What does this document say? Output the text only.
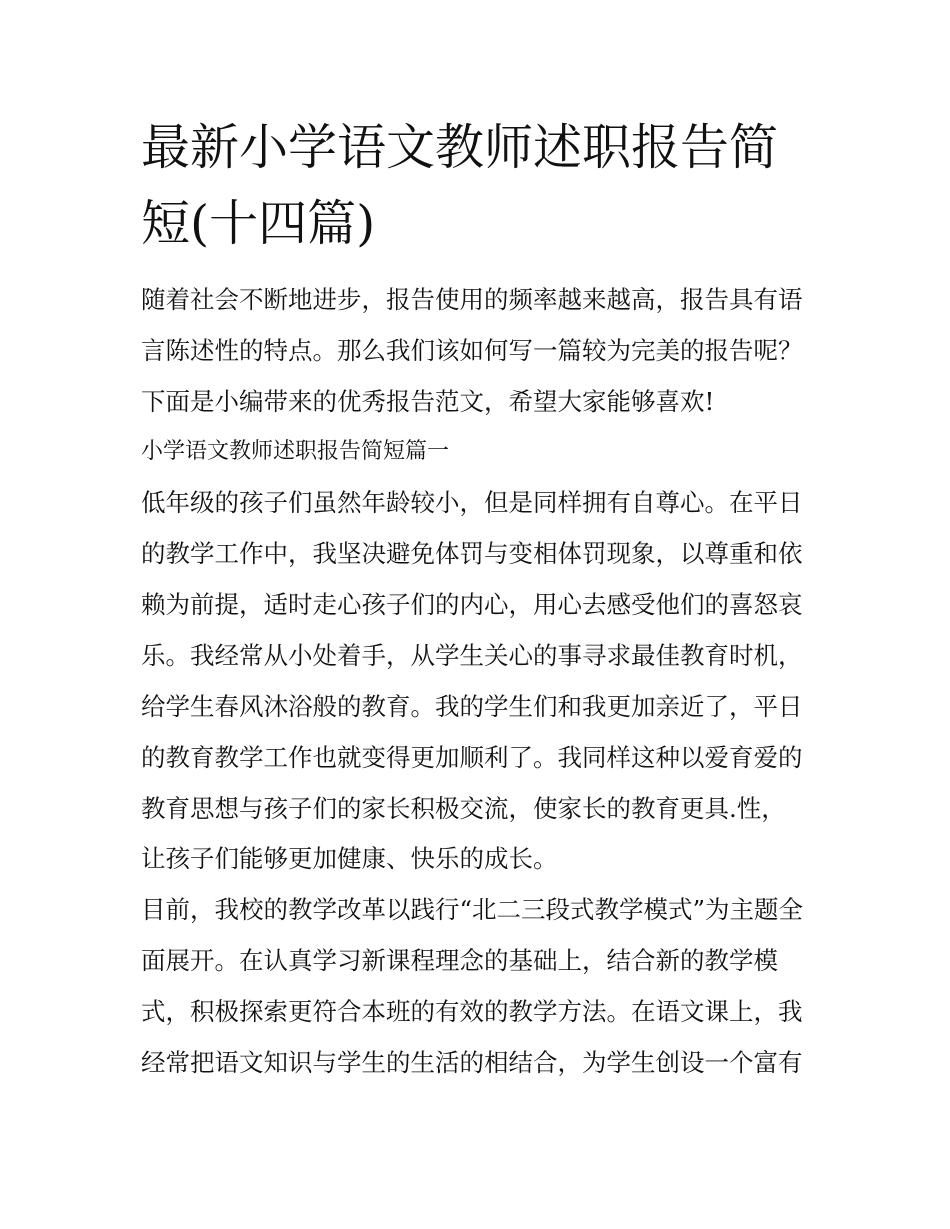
最新小学语文教师述职报告简
短(十四篇)
随着社会不断地进步，报告使用的频率越来越高，报告具有语
言陈述性的特点。那么我们该如何写一篇较为完美的报告呢？
下面是小编带来的优秀报告范文，希望大家能够喜欢!
小学语文教师述职报告简短篇一
低年级的孩子们虽然年龄较小，但是同样拥有自尊心。在平日
的教学工作中，我坚决避免体罚与变相体罚现象，以尊重和依
赖为前提，适时走心孩子们的内心，用心去感受他们的喜怒哀
乐。我经常从小处着手，从学生关心的事寻求最佳教育时机，
给学生春风沐浴般的教育。我的学生们和我更加亲近了，平日
的教育教学工作也就变得更加顺利了。我同样这种以爱育爱的
教育思想与孩子们的家长积极交流，使家长的教育更具.性，
让孩子们能够更加健康、快乐的成长。
目前，我校的教学改革以践行“北二三段式教学模式”为主题全
面展开。在认真学习新课程理念的基础上，结合新的教学模
式，积极探索更符合本班的有效的教学方法。在语文课上，我
经常把语文知识与学生的生活的相结合，为学生创设一个富有
